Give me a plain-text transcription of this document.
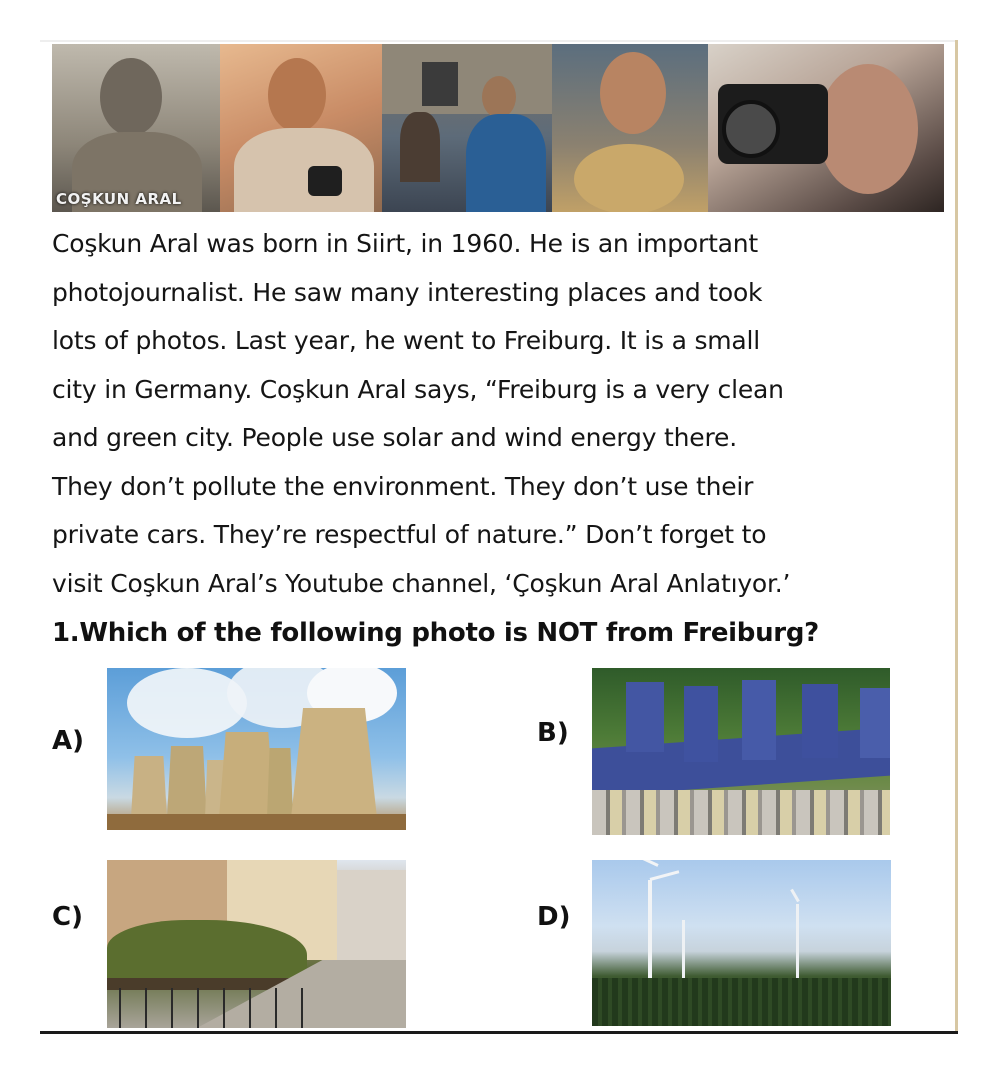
COŞKUN ARAL

Coşkun Aral was born in Siirt, in 1960. He is an important
photojournalist. He saw many interesting places and took
lots of photos. Last year, he went to Freiburg. It is a small
city in Germany. Coşkun Aral says, “Freiburg is a very clean
and green city. People use solar and wind energy there.
They don’t pollute the environment. They don’t use their
private cars. They’re respectful of nature.” Don’t forget to
visit Coşkun Aral’s Youtube channel, ‘Çoşkun Aral Anlatıyor.’

1.Which of the following photo is NOT from Freiburg?
A)	B)
C)	D)
